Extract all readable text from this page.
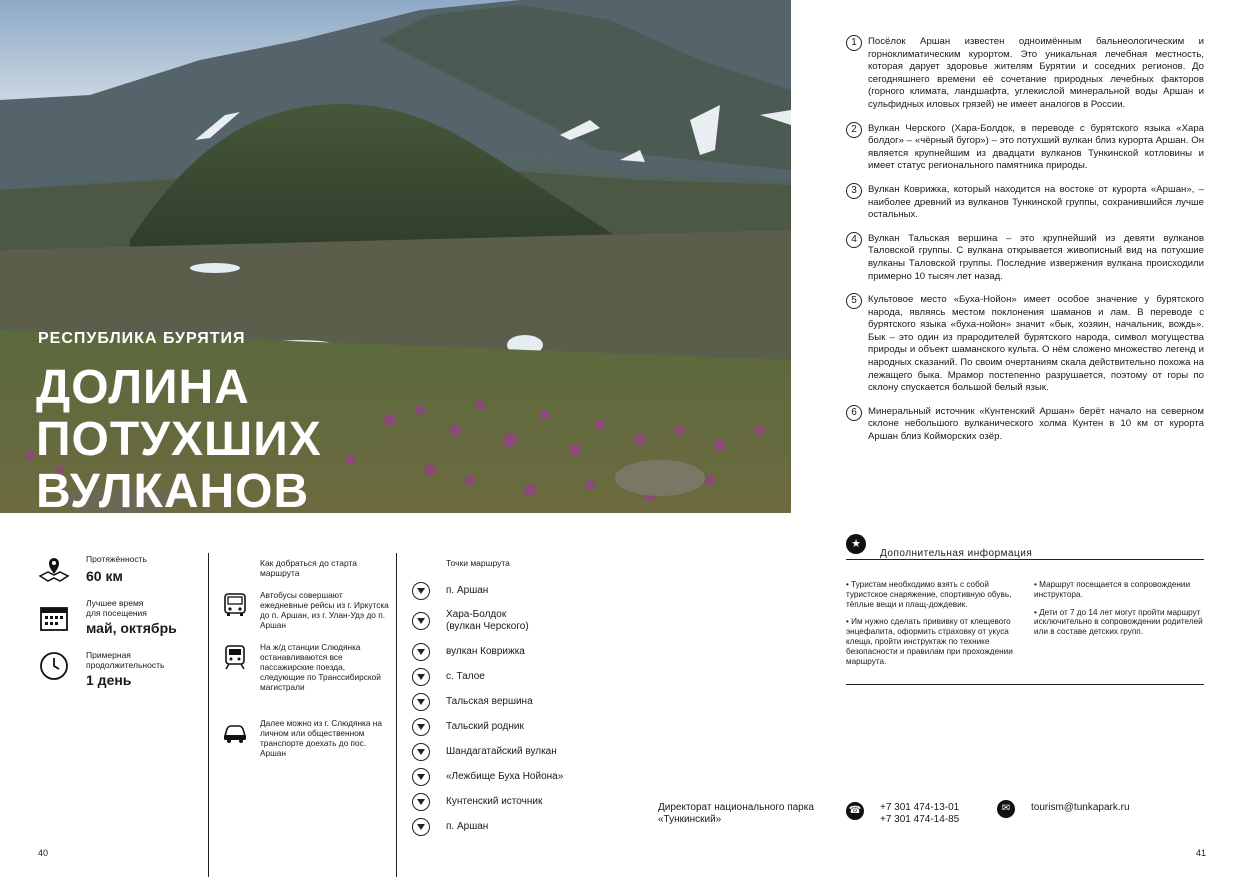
РЕСПУБЛИКА БУРЯТИЯ
ДОЛИНА
ПОТУХШИХ
ВУЛКАНОВ
1	Посёлок Аршан известен одноимённым бальнеологическим и горноклиматическим курортом. Это уникальная лечебная местность, которая дарует здоровье жителям Бурятии и соседних регионов. До сегодняшнего времени её сочетание природных лечебных факторов (горного климата, ландшафта, углекислой минеральной воды Аршан и сульфидных иловых грязей) не имеет аналогов в России.

2	Вулкан Черского (Хара-Болдок, в переводе с бурятского языка «Хара болдог» – «чёрный бугор») – это потухший вулкан близ курорта Аршан. Он является крупнейшим из двадцати вулканов Тункинской котловины и имеет статус регионального памятника природы.

3	Вулкан Коврижка, который находится на востоке от курорта «Аршан», – наиболее древний из вулканов Тункинской группы, сохранившийся лучше остальных.

4	Вулкан Тальская вершина – это крупнейший из девяти вулканов Таловской группы. С вулкана открывается живописный вид на потухшие вулканы Таловской группы. Последние извержения вулкана происходили примерно 10 тысяч лет назад.

5	Культовое место «Буха-Нойон» имеет особое значение у бурятского народа, являясь местом поклонения шаманов и лам. В переводе с бурятского языка «буха-нойон» значит «бык, хозяин, начальник, вождь». Бык – это один из прародителей бурятского народа, символ могущества природы и объект шаманского культа. О нём сложено множество легенд и народных сказаний. По своим очертаниям скала действительно похожа на лежащего быка. Мрамор постепенно разрушается, поэтому от горы по склону спускается большой белый язык.

6	Минеральный источник «Кунтенский Аршан» берёт начало на северном склоне небольшого вулканического холма Кунтен в 10 км от курорта Аршан близ Койморских озёр.

Протяжённость
60 км
Лучшее время для посещения
май, октябрь
Примерная продолжительность
1 день
Как добраться до старта маршрута
Автобусы совершают ежедневные рейсы из г. Иркутска до п. Аршан, из г. Улан-Удэ до п. Аршан
На ж/д станции Слюдянка останавливаются все пассажирские поезда, следующие по Транссибирской магистрали
Далее можно из г. Слюдянка на личном или общественном транспорте доехать до пос. Аршан
Точки маршрута
п. Аршан
Хара-Болдок
(вулкан Черского)
вулкан Коврижка
с. Талое
Тальская вершина
Тальский родник
Шандагатайский вулкан
«Лежбище Буха Нойона»
Кунтенский источник
п. Аршан
★
Дополнительная информация

• Туристам необходимо взять с собой туристское снаряжение, спортивную обувь, тёплые вещи и плащ-дождевик.

• Им нужно сделать прививку от клещевого энцефалита, оформить страховку от укуса клеща, пройти инструктаж по технике безопасности и правилам при прохождении маршрута.

• Маршрут посещается в сопровождении инструктора.

• Дети от 7 до 14 лет могут пройти маршрут исключительно в сопровождении родителей или в составе детских групп.

Директорат национального парка «Тункинский»
☎ +7 301 474-13-01
+7 301 474-14-85
✉	tourism@tunkapark.ru
40	41
